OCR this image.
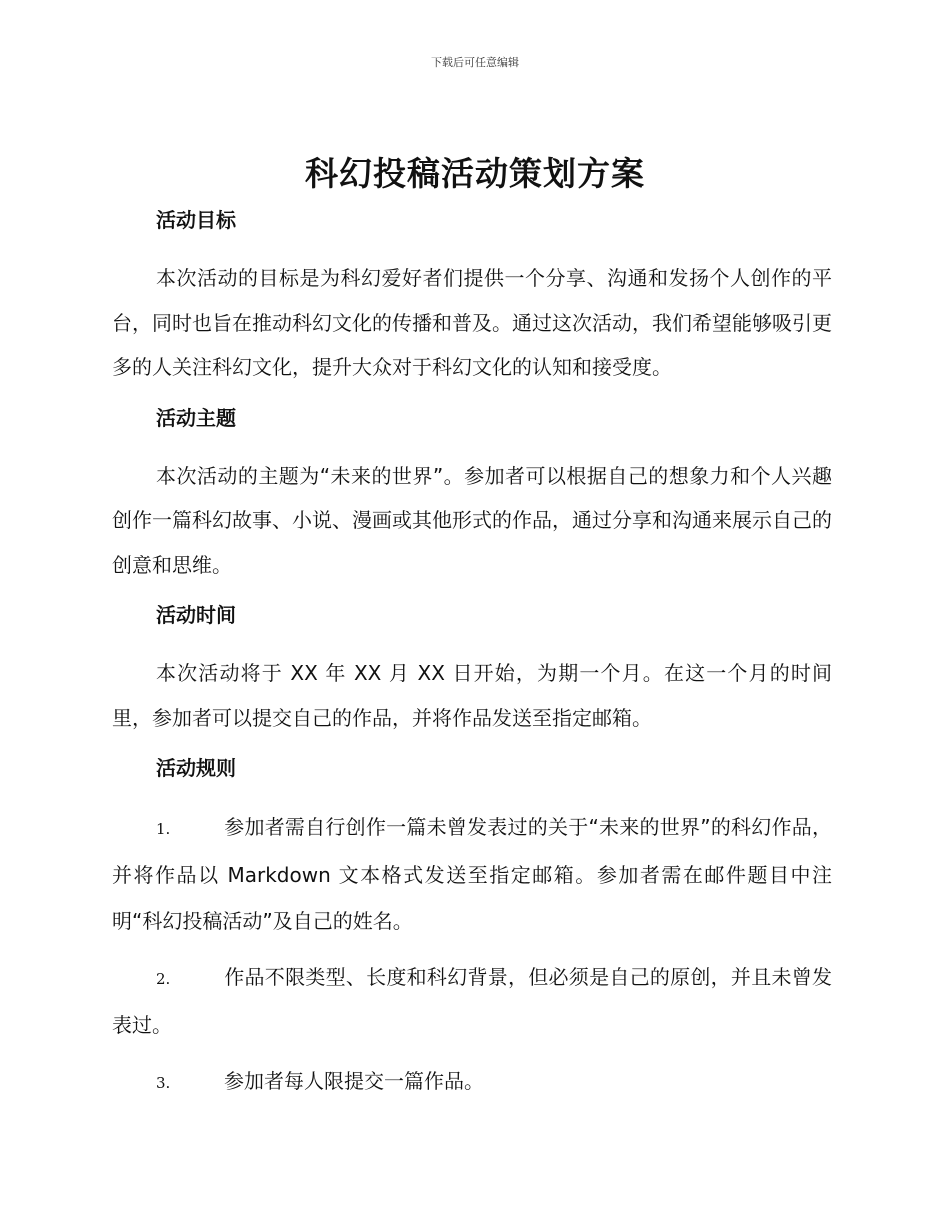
下载后可任意编辑
科幻投稿活动策划方案
活动目标

本次活动的目标是为科幻爱好者们提供一个分享、沟通和发扬个人创作的平台，同时也旨在推动科幻文化的传播和普及。通过这次活动，我们希望能够吸引更多的人关注科幻文化，提升大众对于科幻文化的认知和接受度。

活动主题

本次活动的主题为“未来的世界”。参加者可以根据自己的想象力和个人兴趣创作一篇科幻故事、小说、漫画或其他形式的作品，通过分享和沟通来展示自己的创意和思维。

活动时间

本次活动将于 XX 年 XX 月 XX 日开始，为期一个月。在这一个月的时间里，参加者可以提交自己的作品，并将作品发送至指定邮箱。

活动规则

1.	参加者需自行创作一篇未曾发表过的关于“未来的世界”的科幻作品，并将作品以 Markdown 文本格式发送至指定邮箱。参加者需在邮件题目中注明“科幻投稿活动”及自己的姓名。

2.	作品不限类型、长度和科幻背景，但必须是自己的原创，并且未曾发表过。

3.	参加者每人限提交一篇作品。
